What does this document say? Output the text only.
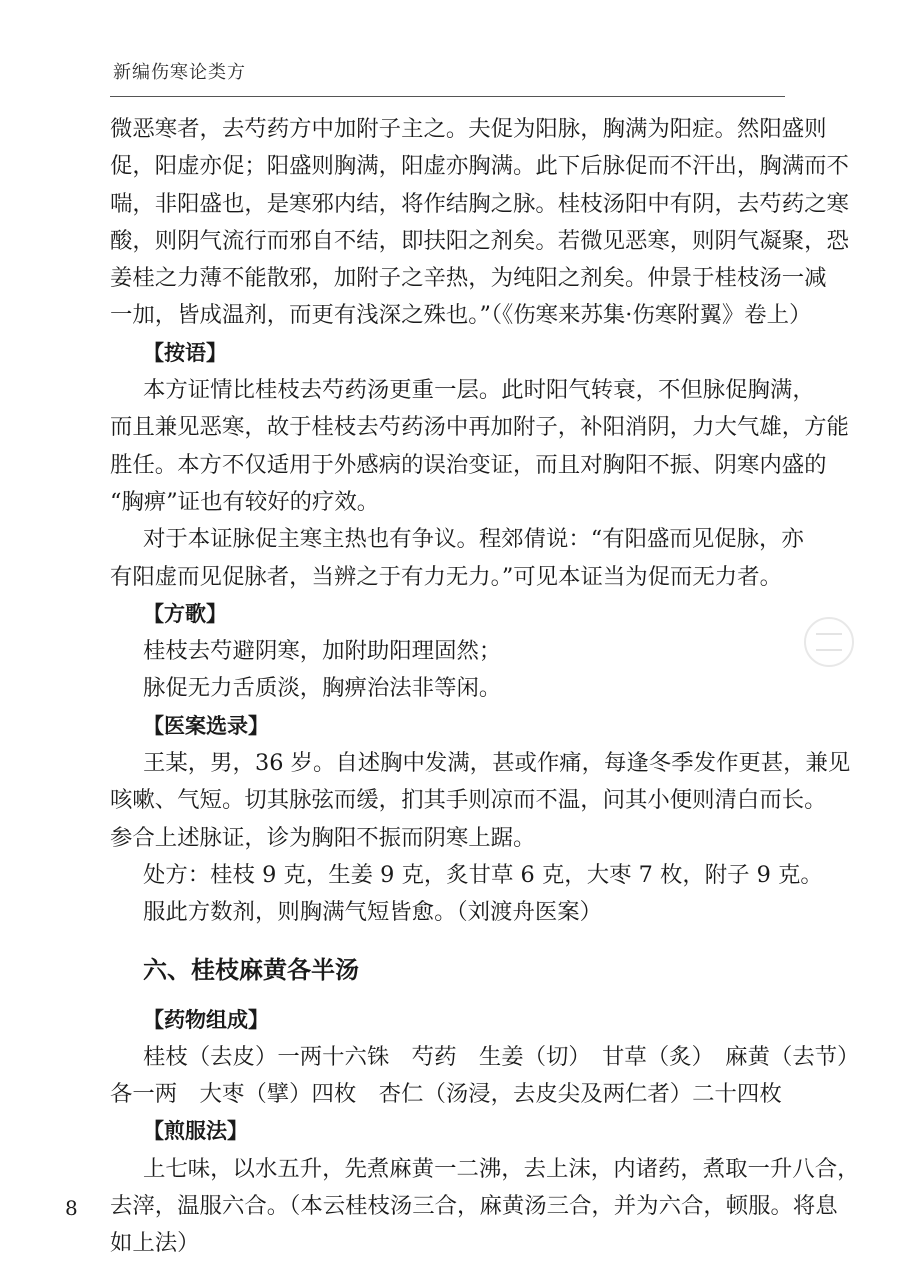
新编伤寒论类方
微恶寒者，去芍药方中加附子主之。夫促为阳脉，胸满为阳症。然阳盛则
促，阳虚亦促；阳盛则胸满，阳虚亦胸满。此下后脉促而不汗出，胸满而不
喘，非阳盛也，是寒邪内结，将作结胸之脉。桂枝汤阳中有阴，去芍药之寒
酸，则阴气流行而邪自不结，即扶阳之剂矣。若微见恶寒，则阴气凝聚，恐
姜桂之力薄不能散邪，加附子之辛热，为纯阳之剂矣。仲景于桂枝汤一减
一加，皆成温剂，而更有浅深之殊也。”（《伤寒来苏集·伤寒附翼》卷上）
【按语】
本方证情比桂枝去芍药汤更重一层。此时阳气转衰，不但脉促胸满，
而且兼见恶寒，故于桂枝去芍药汤中再加附子，补阳消阴，力大气雄，方能
胜任。本方不仅适用于外感病的误治变证，而且对胸阳不振、阴寒内盛的
“胸痹”证也有较好的疗效。
对于本证脉促主寒主热也有争议。程郊倩说：“有阳盛而见促脉，亦
有阳虚而见促脉者，当辨之于有力无力。”可见本证当为促而无力者。
【方歌】
桂枝去芍避阴寒，加附助阳理固然；
脉促无力舌质淡，胸痹治法非等闲。
【医案选录】
王某，男，36 岁。自述胸中发满，甚或作痛，每逢冬季发作更甚，兼见
咳嗽、气短。切其脉弦而缓，扪其手则凉而不温，问其小便则清白而长。
参合上述脉证，诊为胸阳不振而阴寒上踞。
处方：桂枝 9 克，生姜 9 克，炙甘草 6 克，大枣 7 枚，附子 9 克。
服此方数剂，则胸满气短皆愈。（刘渡舟医案）
六、桂枝麻黄各半汤
【药物组成】
桂枝（去皮）一两十六铢　芍药　生姜（切）　甘草（炙）　麻黄（去节）
各一两　大枣（擘）四枚　杏仁（汤浸，去皮尖及两仁者）二十四枚
【煎服法】
上七味，以水五升，先煮麻黄一二沸，去上沫，内诸药，煮取一升八合，
去滓，温服六合。（本云桂枝汤三合，麻黄汤三合，并为六合，顿服。将息
如上法）
8
